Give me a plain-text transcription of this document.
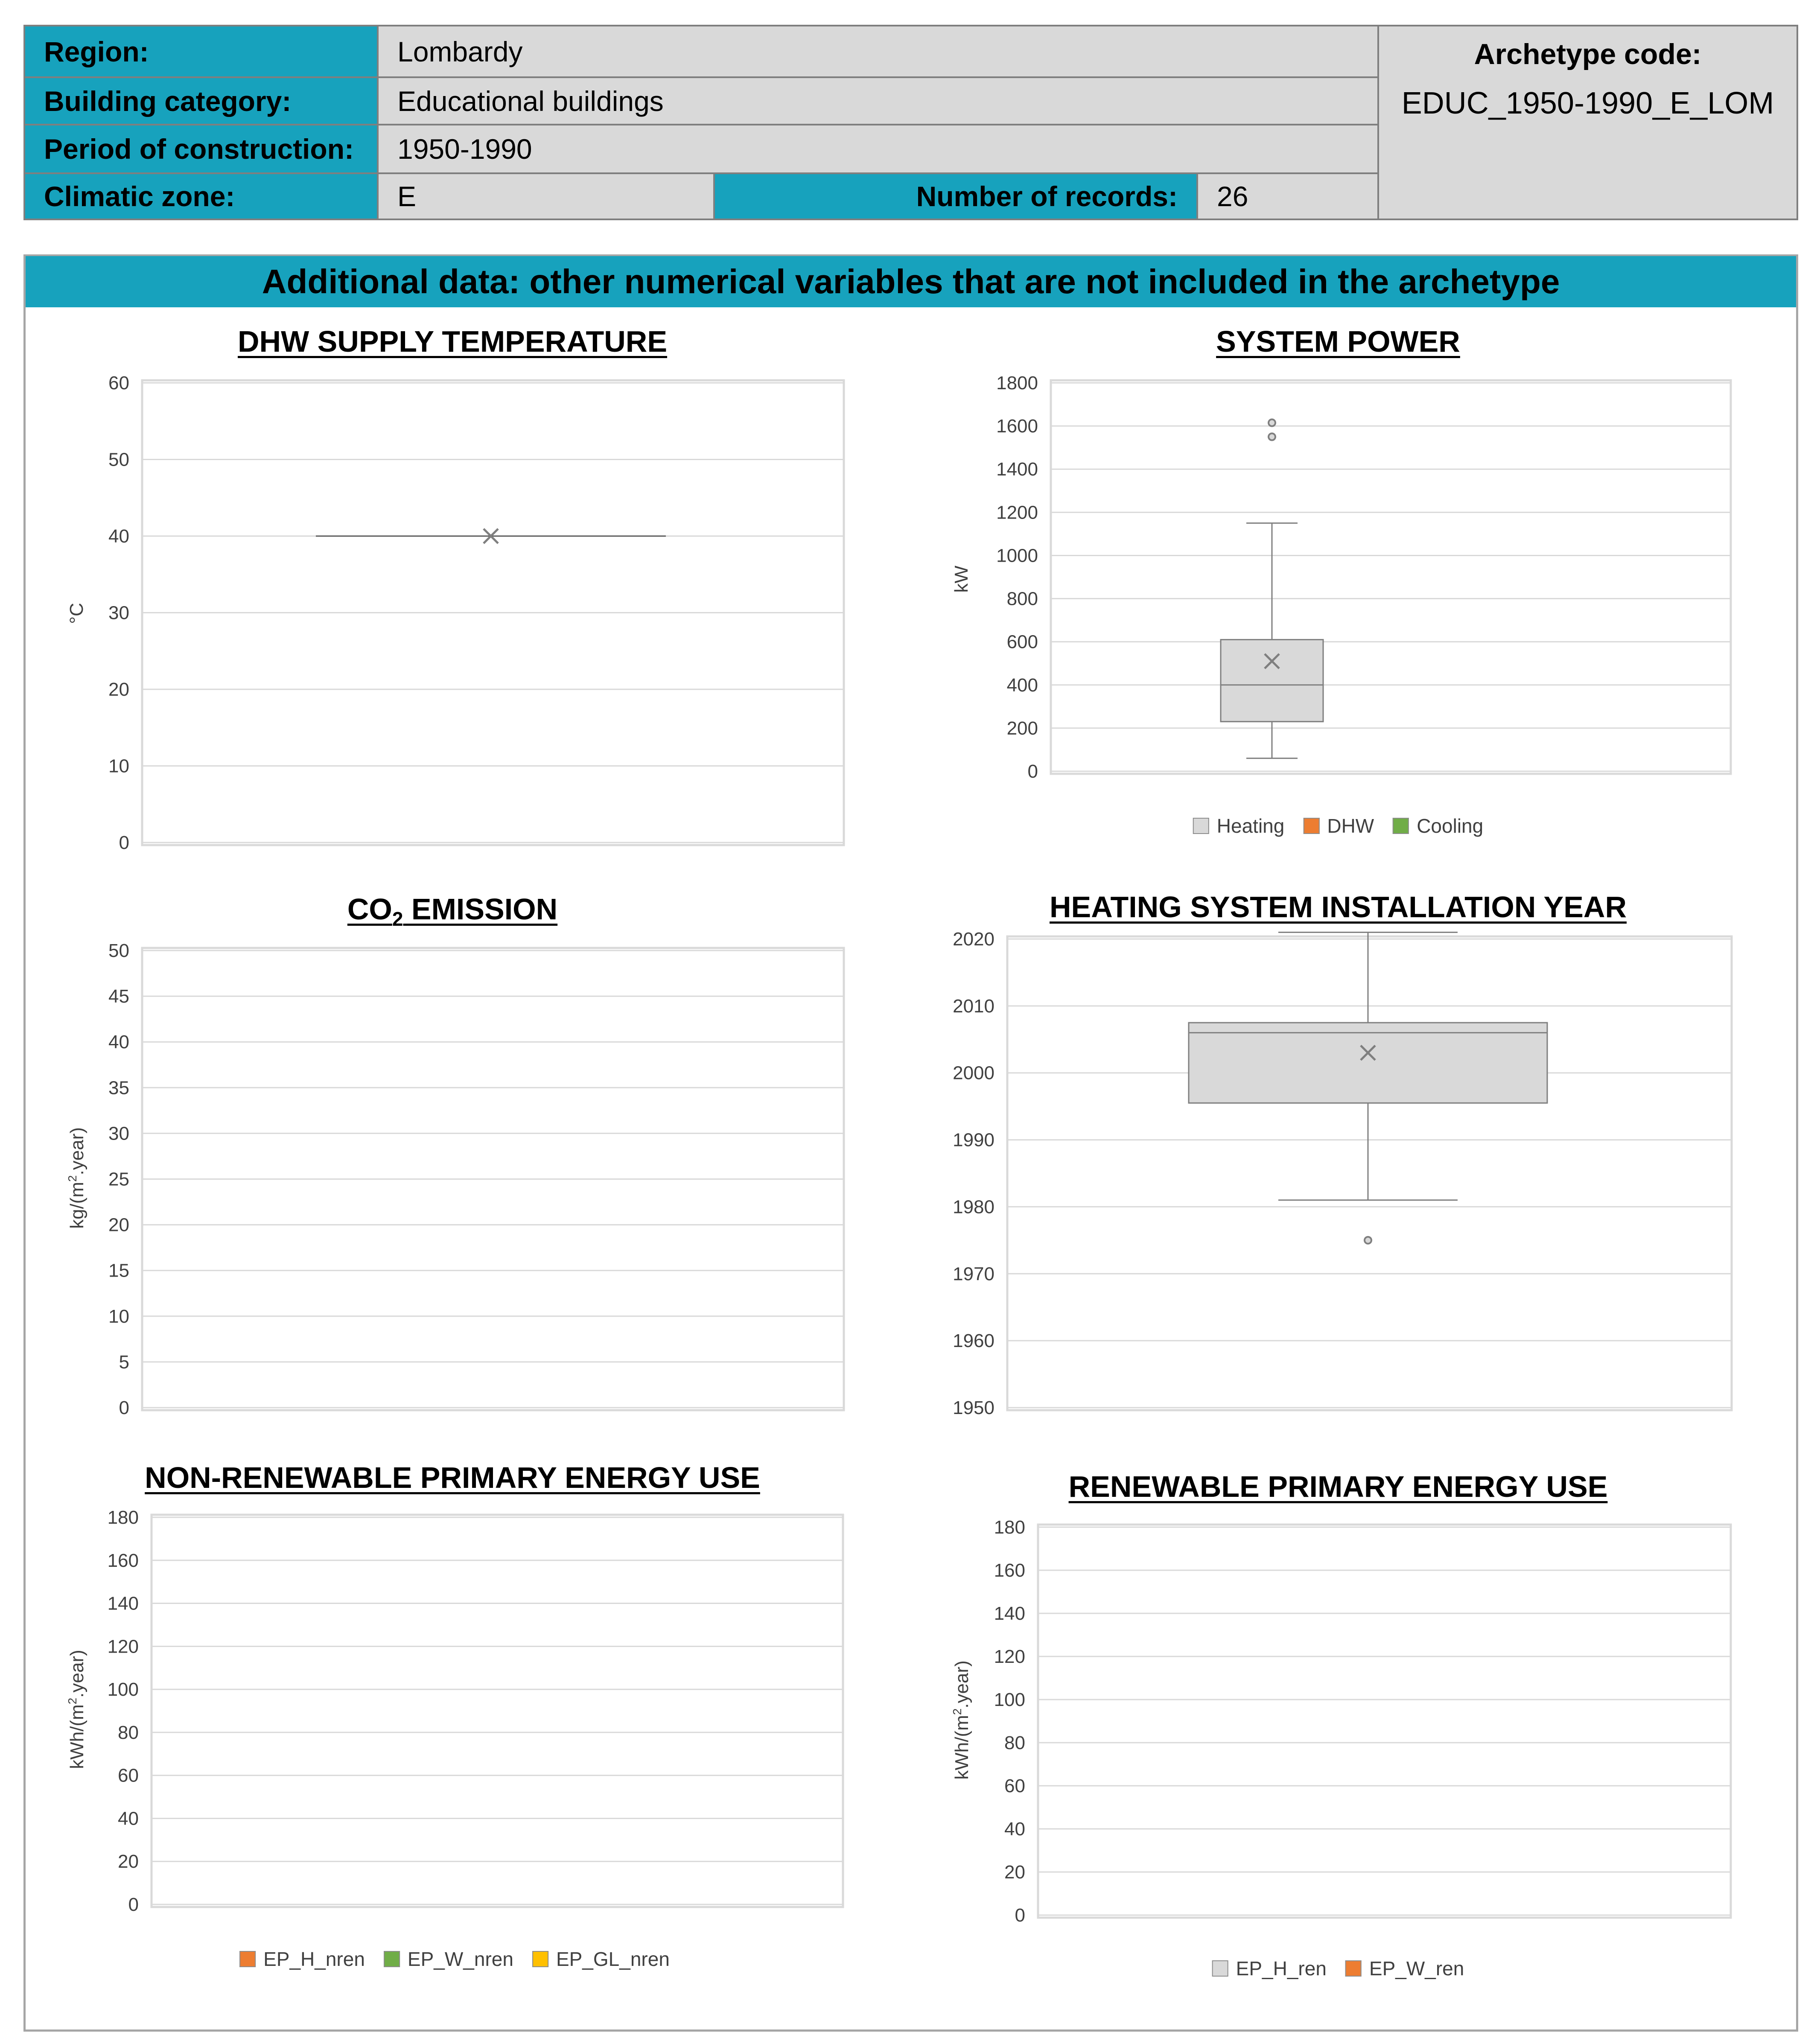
Region:	Lombardy
Building category:	Educational buildings
Period of construction: 1950-1990
Climatic zone:	E	Number of records: 26
Archetype code:
EDUC_1950-1990_E_LOM
Additional data: other numerical variables that are not included in the archetype
DHW SUPPLY TEMPERATURE	SYSTEM POWER
$CO_2$ EMISSION	HEATING SYSTEM INSTALLATION YEAR
NON-RENEWABLE PRIMARY ENERGY USE	RENEWABLE PRIMARY ENERGY USE
0
10
20
30
40
50
60
0
200
400
600
800
1000
1200
1400
1600
1800
0
5
10
15
20
25
30
35
40
45
50
1950
1960
1970
1980
1990
2000
2010
2020
0
20
40
60
80
100
120
140
160
180
0
20
40
60
80
100
120
140
160
180
°C
kW
$kg/(m^2.year)$
kWh/$(m^2.year)$
kWh/$(m^2.year)$
Heating DHW Cooling
EP_H_nren EP_W_nren EP_GL_nren	EP_H_ren EP_W_ren
